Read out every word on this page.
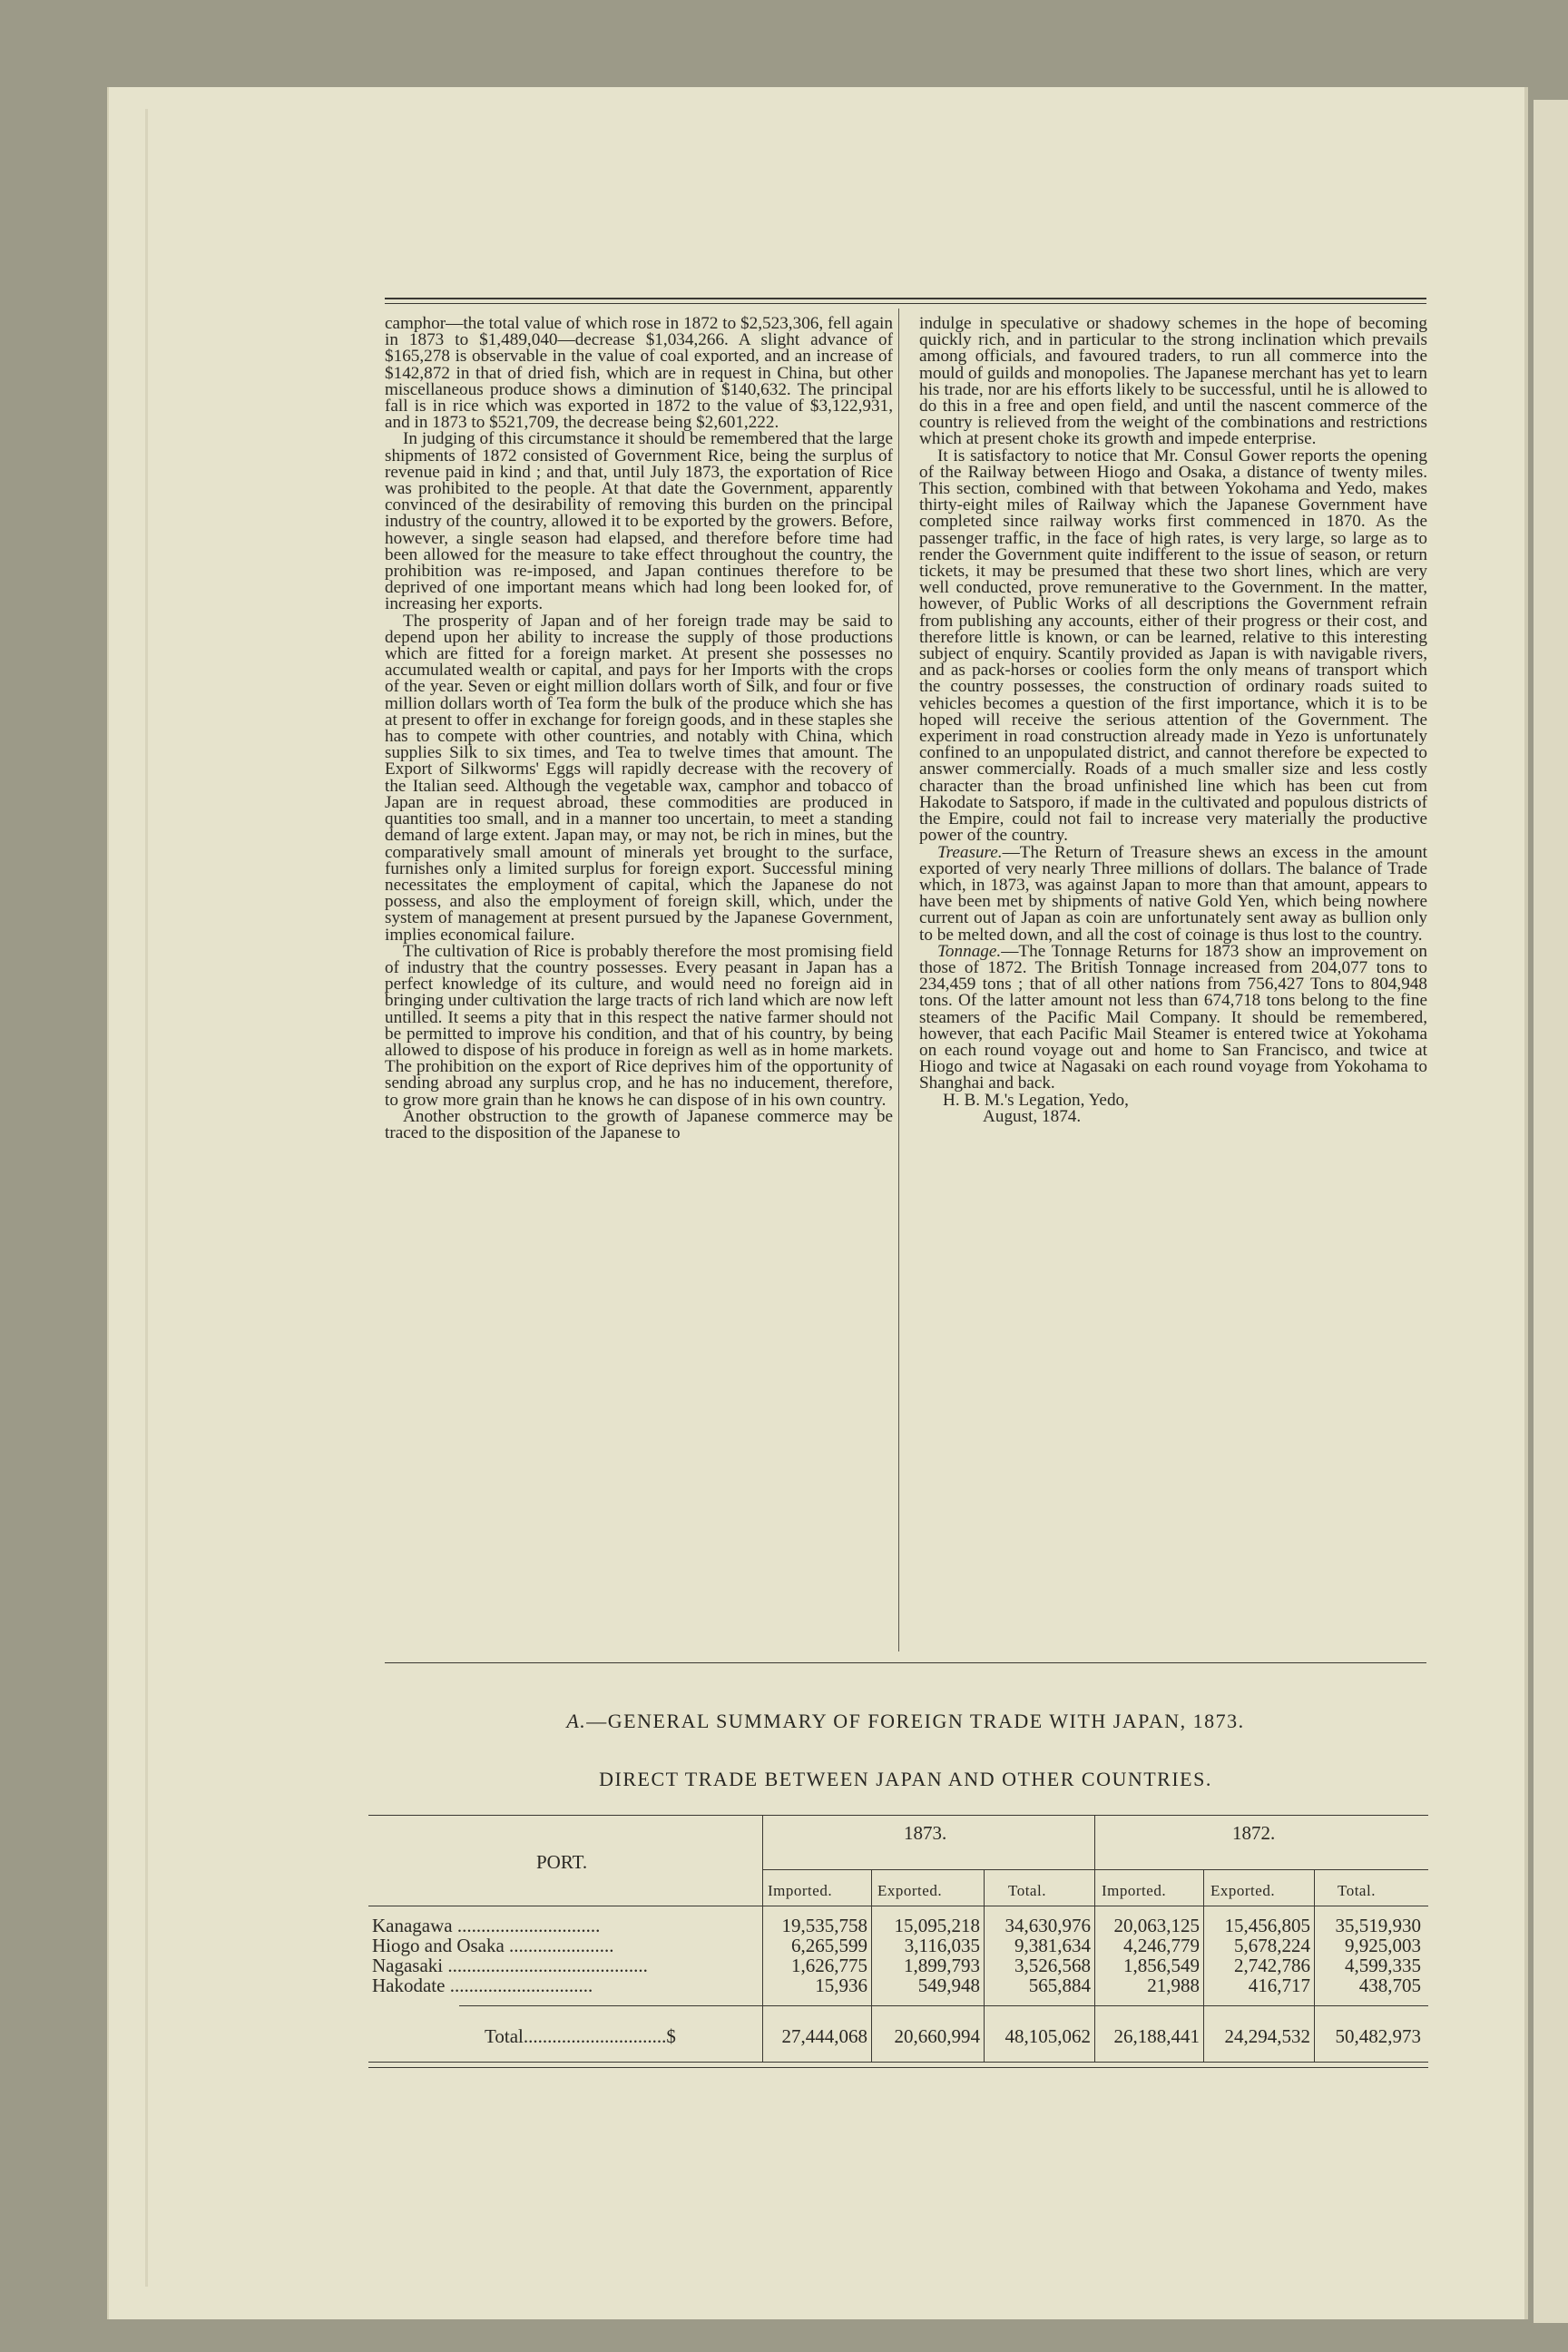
camphor—the total value of which rose in 1872 to $2,523,306, fell again in 1873 to $1,489,040—decrease $1,034,266. A slight advance of $165,278 is observable in the value of coal exported, and an increase of $142,872 in that of dried fish, which are in request in China, but other miscellaneous produce shows a diminution of $140,632. The principal fall is in rice which was exported in 1872 to the value of $3,122,931, and in 1873 to $521,709, the decrease being $2,601,222.

In judging of this circumstance it should be remembered that the large shipments of 1872 consisted of Government Rice, being the surplus of revenue paid in kind ; and that, until July 1873, the exportation of Rice was prohibited to the people. At that date the Government, apparently convinced of the desirability of removing this burden on the principal industry of the country, allowed it to be exported by the growers. Before, however, a single season had elapsed, and therefore before time had been allowed for the measure to take effect throughout the country, the prohibition was re-imposed, and Japan continues therefore to be deprived of one important means which had long been looked for, of increasing her exports.

The prosperity of Japan and of her foreign trade may be said to depend upon her ability to increase the supply of those productions which are fitted for a foreign market. At present she possesses no accumulated wealth or capital, and pays for her Imports with the crops of the year. Seven or eight million dollars worth of Silk, and four or five million dollars worth of Tea form the bulk of the produce which she has at present to offer in exchange for foreign goods, and in these staples she has to compete with other countries, and notably with China, which supplies Silk to six times, and Tea to twelve times that amount. The Export of Silkworms' Eggs will rapidly decrease with the recovery of the Italian seed. Although the vegetable wax, camphor and tobacco of Japan are in request abroad, these commodities are produced in quantities too small, and in a manner too uncertain, to meet a standing demand of large extent. Japan may, or may not, be rich in mines, but the comparatively small amount of minerals yet brought to the surface, furnishes only a limited surplus for foreign export. Successful mining necessitates the employment of capital, which the Japanese do not possess, and also the employment of foreign skill, which, under the system of management at present pursued by the Japanese Government, implies economical failure.

The cultivation of Rice is probably therefore the most promising field of industry that the country possesses. Every peasant in Japan has a perfect knowledge of its culture, and would need no foreign aid in bringing under cultivation the large tracts of rich land which are now left untilled. It seems a pity that in this respect the native farmer should not be permitted to improve his condition, and that of his country, by being allowed to dispose of his produce in foreign as well as in home markets. The prohibition on the export of Rice deprives him of the opportunity of sending abroad any surplus crop, and he has no inducement, therefore, to grow more grain than he knows he can dispose of in his own country.

Another obstruction to the growth of Japanese commerce may be traced to the disposition of the Japanese to

indulge in speculative or shadowy schemes in the hope of becoming quickly rich, and in particular to the strong inclination which prevails among officials, and favoured traders, to run all commerce into the mould of guilds and monopolies. The Japanese merchant has yet to learn his trade, nor are his efforts likely to be successful, until he is allowed to do this in a free and open field, and until the nascent commerce of the country is relieved from the weight of the combinations and restrictions which at present choke its growth and impede enterprise.

It is satisfactory to notice that Mr. Consul Gower reports the opening of the Railway between Hiogo and Osaka, a distance of twenty miles. This section, combined with that between Yokohama and Yedo, makes thirty-eight miles of Railway which the Japanese Government have completed since railway works first commenced in 1870. As the passenger traffic, in the face of high rates, is very large, so large as to render the Government quite indifferent to the issue of season, or return tickets, it may be presumed that these two short lines, which are very well conducted, prove remunerative to the Government. In the matter, however, of Public Works of all descriptions the Government refrain from publishing any accounts, either of their progress or their cost, and therefore little is known, or can be learned, relative to this interesting subject of enquiry. Scantily provided as Japan is with navigable rivers, and as pack-horses or coolies form the only means of transport which the country possesses, the construction of ordinary roads suited to vehicles becomes a question of the first importance, which it is to be hoped will receive the serious attention of the Government. The experiment in road construction already made in Yezo is unfortunately confined to an unpopulated district, and cannot therefore be expected to answer commercially. Roads of a much smaller size and less costly character than the broad unfinished line which has been cut from Hakodate to Satsporo, if made in the cultivated and populous districts of the Empire, could not fail to increase very materially the productive power of the country.

Treasure.—The Return of Treasure shews an excess in the amount exported of very nearly Three millions of dollars. The balance of Trade which, in 1873, was against Japan to more than that amount, appears to have been met by shipments of native Gold Yen, which being nowhere current out of Japan as coin are unfortunately sent away as bullion only to be melted down, and all the cost of coinage is thus lost to the country.

Tonnage.—The Tonnage Returns for 1873 show an improvement on those of 1872. The British Tonnage increased from 204,077 tons to 234,459 tons ; that of all other nations from 756,427 Tons to 804,948 tons. Of the latter amount not less than 674,718 tons belong to the fine steamers of the Pacific Mail Company. It should be remembered, however, that each Pacific Mail Steamer is entered twice at Yokohama on each round voyage out and home to San Francisco, and twice at Hiogo and twice at Nagasaki on each round voyage from Yokohama to Shanghai and back.

H. B. M.'s Legation, Yedo,

August, 1874.

A.—GENERAL SUMMARY OF FOREIGN TRADE WITH JAPAN, 1873.
DIRECT TRADE BETWEEN JAPAN AND OTHER COUNTRIES.
PORT.
1873.	1872.
Imported.	Exported.	Total.	Imported.	Exported.	Total.
Kanagawa ..............................	19,535,758 15,095,218 34,630,976 20,063,125 15,456,805 35,519,930
Hiogo and Osaka ......................	6,265,599 3,116,035 9,381,634 4,246,779 5,678,224 9,925,003
Nagasaki ..........................................	1,626,775 1,899,793 3,526,568 1,856,549 2,742,786 4,599,335
Hakodate ..............................	15,936	549,948	565,884	21,988	416,717	438,705
Total..............................$	27,444,068 20,660,994 48,105,062 26,188,441 24,294,532 50,482,973
